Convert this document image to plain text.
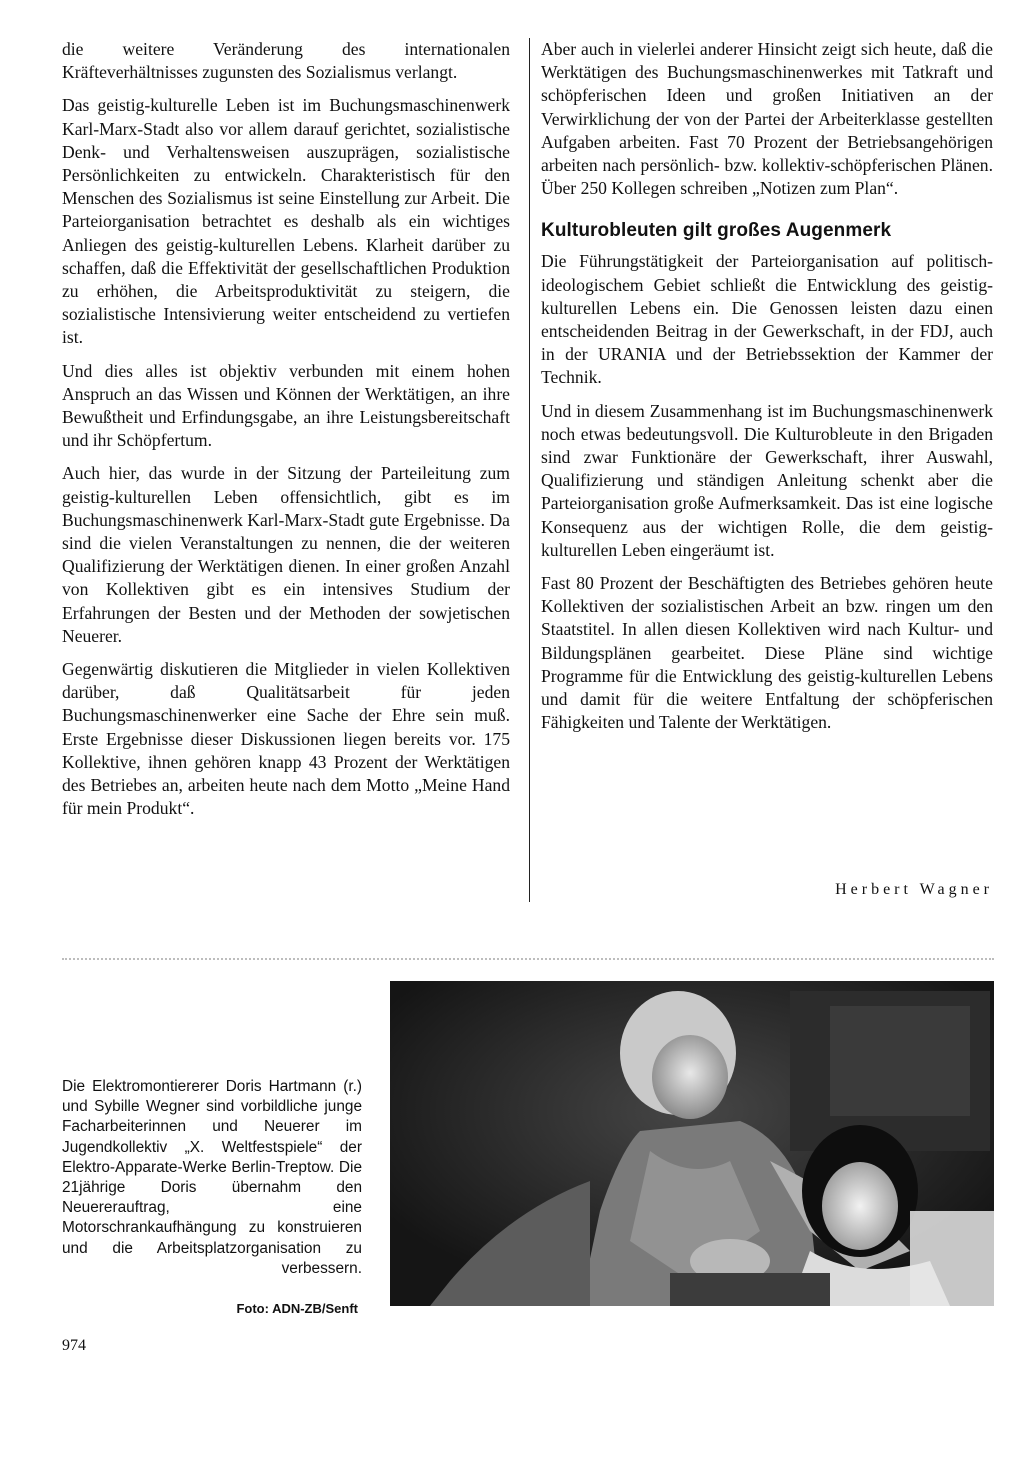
die weitere Veränderung des internationalen Kräfteverhältnisses zugunsten des Sozialismus verlangt.

Das geistig-kulturelle Leben ist im Buchungsmaschinenwerk Karl-Marx-Stadt also vor allem darauf gerichtet, sozialistische Denk- und Verhaltensweisen auszuprägen, sozialistische Persönlichkeiten zu entwickeln. Charakteristisch für den Menschen des Sozialismus ist seine Einstellung zur Arbeit. Die Parteiorganisation betrachtet es deshalb als ein wichtiges Anliegen des geistig-kulturellen Lebens. Klarheit darüber zu schaffen, daß die Effektivität der gesellschaftlichen Produktion zu erhöhen, die Arbeitsproduktivität zu steigern, die sozialistische Intensivierung weiter entscheidend zu vertiefen ist.

Und dies alles ist objektiv verbunden mit einem hohen Anspruch an das Wissen und Können der Werktätigen, an ihre Bewußtheit und Erfindungsgabe, an ihre Leistungsbereitschaft und ihr Schöpfertum.

Auch hier, das wurde in der Sitzung der Parteileitung zum geistig-kulturellen Leben offensichtlich, gibt es im Buchungsmaschinenwerk Karl-Marx-Stadt gute Ergebnisse. Da sind die vielen Veranstaltungen zu nennen, die der weiteren Qualifizierung der Werktätigen dienen. In einer großen Anzahl von Kollektiven gibt es ein intensives Studium der Erfahrungen der Besten und der Methoden der sowjetischen Neuerer.

Gegenwärtig diskutieren die Mitglieder in vielen Kollektiven darüber, daß Qualitätsarbeit für jeden Buchungsmaschinenwerker eine Sache der Ehre sein muß. Erste Ergebnisse dieser Diskussionen liegen bereits vor. 175 Kollektive, ihnen gehören knapp 43 Prozent der Werktätigen des Betriebes an, arbeiten heute nach dem Motto „Meine Hand für mein Produkt“.

Aber auch in vielerlei anderer Hinsicht zeigt sich heute, daß die Werktätigen des Buchungsmaschinenwerkes mit Tatkraft und schöpferischen Ideen und großen Initiativen an der Verwirklichung der von der Partei der Arbeiterklasse gestellten Aufgaben arbeiten. Fast 70 Prozent der Betriebsangehörigen arbeiten nach persönlich- bzw. kollektiv-schöpferischen Plänen. Über 250 Kollegen schreiben „Notizen zum Plan“.

Kulturobleuten gilt großes Augenmerk

Die Führungstätigkeit der Parteiorganisation auf politisch-ideologischem Gebiet schließt die Entwicklung des geistig-kulturellen Lebens ein. Die Genossen leisten dazu einen entscheidenden Beitrag in der Gewerkschaft, in der FDJ, auch in der URANIA und der Betriebssektion der Kammer der Technik.

Und in diesem Zusammenhang ist im Buchungsmaschinenwerk noch etwas bedeutungsvoll. Die Kulturobleute in den Brigaden sind zwar Funktionäre der Gewerkschaft, ihrer Auswahl, Qualifizierung und ständigen Anleitung schenkt aber die Parteiorganisation große Aufmerksamkeit. Das ist eine logische Konsequenz aus der wichtigen Rolle, die dem geistig-kulturellen Leben eingeräumt ist.

Fast 80 Prozent der Beschäftigten des Betriebes gehören heute Kollektiven der sozialistischen Arbeit an bzw. ringen um den Staatstitel. In allen diesen Kollektiven wird nach Kultur- und Bildungsplänen gearbeitet. Diese Pläne sind wichtige Programme für die Entwicklung des geistig-kulturellen Lebens und damit für die weitere Entfaltung der schöpferischen Fähigkeiten und Talente der Werktätigen.

Herbert Wagner
Die Elektromontiererer Doris Hartmann (r.) und Sybille Wegner sind vorbildliche junge Facharbeiterinnen und Neuerer im Jugendkollektiv „X. Weltfestspiele“ der Elektro-Apparate-Werke Berlin-Treptow. Die 21jährige Doris übernahm den Neuererauftrag, eine Motorschrankaufhängung zu konstruieren und die Arbeitsplatzorganisation zu verbessern.
Foto: ADN-ZB/Senft
974
